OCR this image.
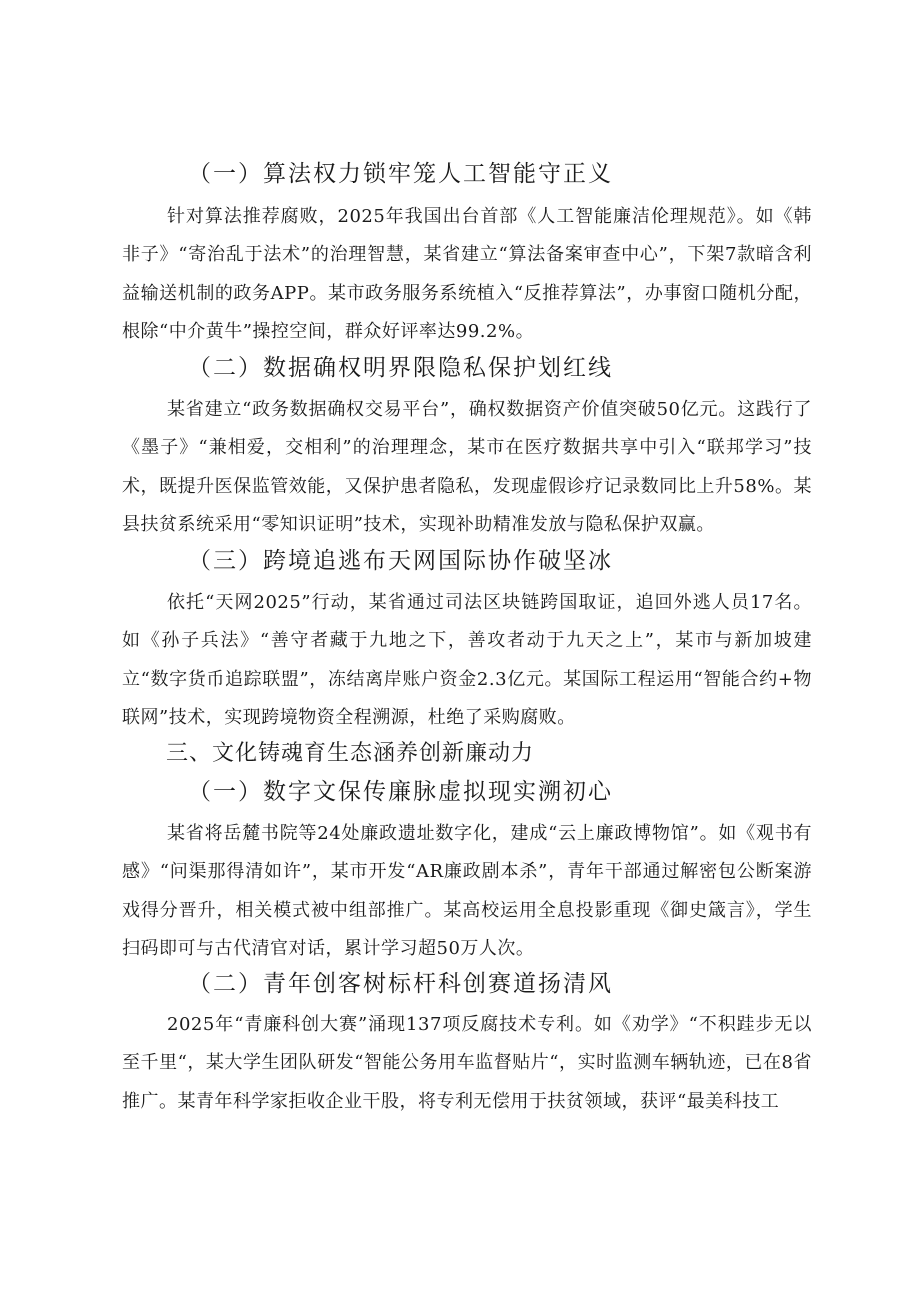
（一）算法权力锁牢笼人工智能守正义

针对算法推荐腐败，2025年我国出台首部《人工智能廉洁伦理规范》。如《韩非子》“寄治乱于法术”的治理智慧，某省建立“算法备案审查中心”，下架7款暗含利益输送机制的政务APP。某市政务服务系统植入“反推荐算法”，办事窗口随机分配，根除“中介黄牛”操控空间，群众好评率达99.2%。

（二）数据确权明界限隐私保护划红线

某省建立“政务数据确权交易平台”，确权数据资产价值突破50亿元。这践行了《墨子》“兼相爱，交相利”的治理理念，某市在医疗数据共享中引入“联邦学习”技术，既提升医保监管效能，又保护患者隐私，发现虚假诊疗记录数同比上升58%。某县扶贫系统采用“零知识证明”技术，实现补助精准发放与隐私保护双赢。

（三）跨境追逃布天网国际协作破坚冰

依托“天网2025”行动，某省通过司法区块链跨国取证，追回外逃人员17名。如《孙子兵法》“善守者藏于九地之下，善攻者动于九天之上”，某市与新加坡建立“数字货币追踪联盟”，冻结离岸账户资金2.3亿元。某国际工程运用“智能合约+物联网”技术，实现跨境物资全程溯源，杜绝了采购腐败。

三、文化铸魂育生态涵养创新廉动力
（一）数字文保传廉脉虚拟现实溯初心

某省将岳麓书院等24处廉政遗址数字化，建成“云上廉政博物馆”。如《观书有感》“问渠那得清如许”，某市开发“AR廉政剧本杀”，青年干部通过解密包公断案游戏得分晋升，相关模式被中组部推广。某高校运用全息投影重现《御史箴言》，学生扫码即可与古代清官对话，累计学习超50万人次。

（二）青年创客树标杆科创赛道扬清风

2025年“青廉科创大赛”涌现137项反腐技术专利。如《劝学》“不积跬步无以至千里“，某大学生团队研发“智能公务用车监督贴片“，实时监测车辆轨迹，已在8省推广。某青年科学家拒收企业干股，将专利无偿用于扶贫领域，获评“最美科技工
